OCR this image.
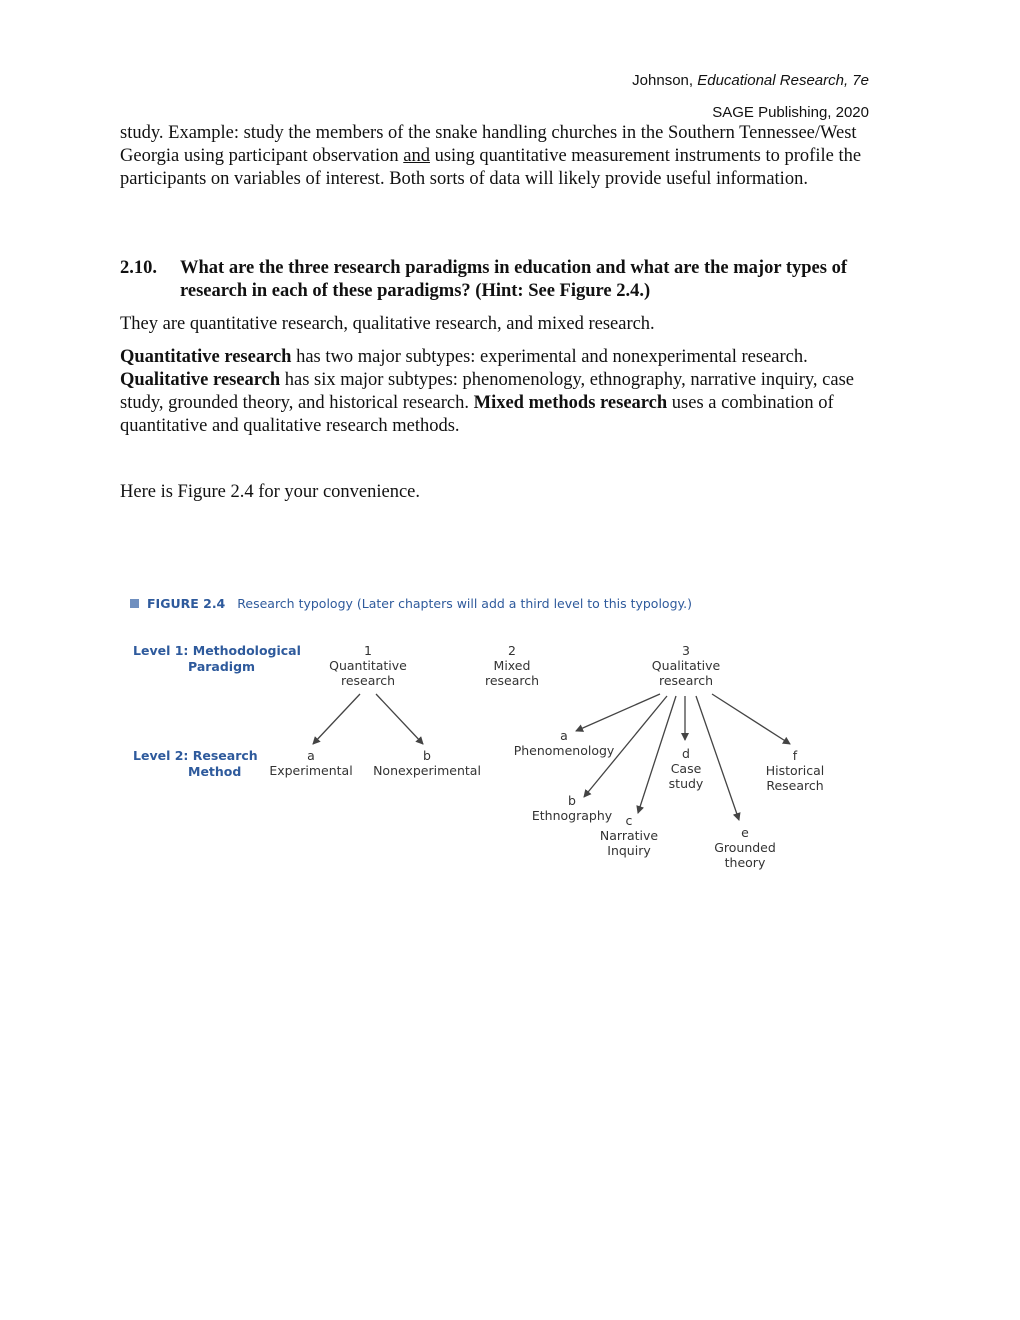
Johnson, Educational Research, 7e
SAGE Publishing, 2020
study. Example: study the members of the snake handling churches in the Southern Tennessee/West Georgia using participant observation and using quantitative measurement instruments to profile the participants on variables of interest. Both sorts of data will likely provide useful information.
2.10. What are the three research paradigms in education and what are the major types of research in each of these paradigms? (Hint: See Figure 2.4.)
They are quantitative research, qualitative research, and mixed research.
Quantitative research has two major subtypes: experimental and nonexperimental research. Qualitative research has six major subtypes: phenomenology, ethnography, narrative inquiry, case study, grounded theory, and historical research. Mixed methods research uses a combination of quantitative and qualitative research methods.
Here is Figure 2.4 for your convenience.
FIGURE 2.4 Research typology (Later chapters will add a third level to this typology.)
Level 1: Methodological
Paradigm
Level 2: Research
Method
1
Quantitative
research
2
Mixed
research
3
Qualitative
research
a
Experimental
b
Nonexperimental
a
Phenomenology
b
Ethnography	c
Narrative
Inquiry
d
Case
study
e
Grounded
theory
f
Historical
Research
